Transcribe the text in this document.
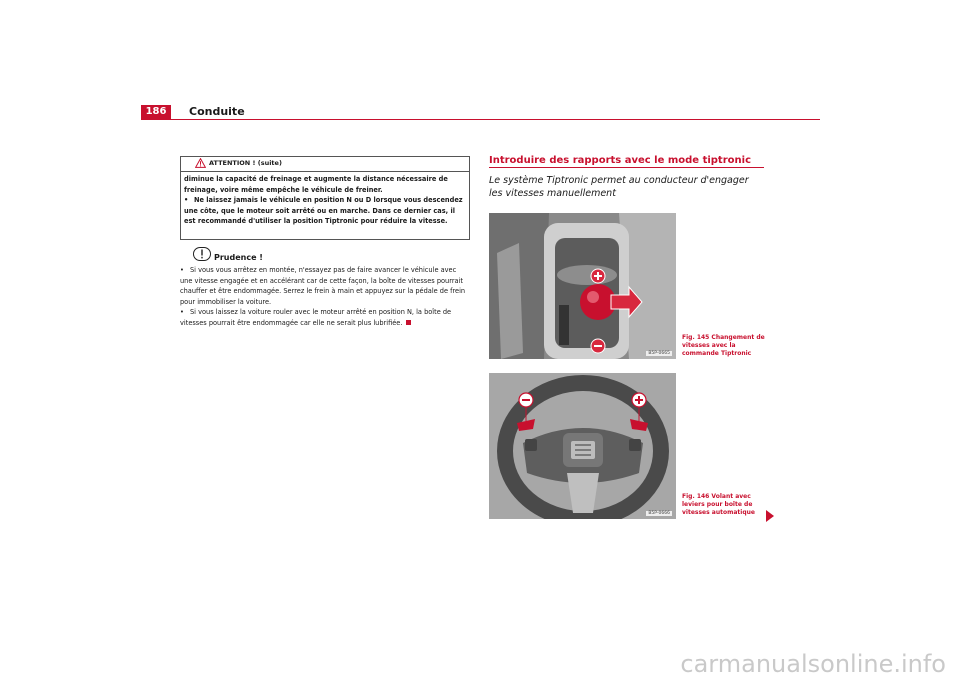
186	Conduite
ATTENTION ! (suite)

diminue la capacité de freinage et augmente la distance nécessaire de freinage, voire même empêche le véhicule de freiner.

• Ne laissez jamais le véhicule en position N ou D lorsque vous descendez une côte, que le moteur soit arrêté ou en marche. Dans ce dernier cas, il est recommandé d'utiliser la position Tiptronic pour réduire la vitesse.

Prudence !

• Si vous vous arrêtez en montée, n'essayez pas de faire avancer le véhicule avec une vitesse engagée et en accélérant car de cette façon, la boîte de vitesses pourrait chauffer et être endommagée. Serrez le frein à main et appuyez sur la pédale de frein pour immobiliser la voiture.

• Si vous laissez la voiture rouler avec le moteur arrêté en position N, la boîte de vitesses pourrait être endommagée car elle ne serait plus lubrifiée.

Introduire des rapports avec le mode tiptronic
Le système Tiptronic permet au conducteur d'engager les vitesses manuellement
B5P-0665
Fig. 145 Changement de vitesses avec la commande Tiptronic
B5P-0666
Fig. 146 Volant avec leviers pour boîte de vitesses automatique
carmanualsonline.info
